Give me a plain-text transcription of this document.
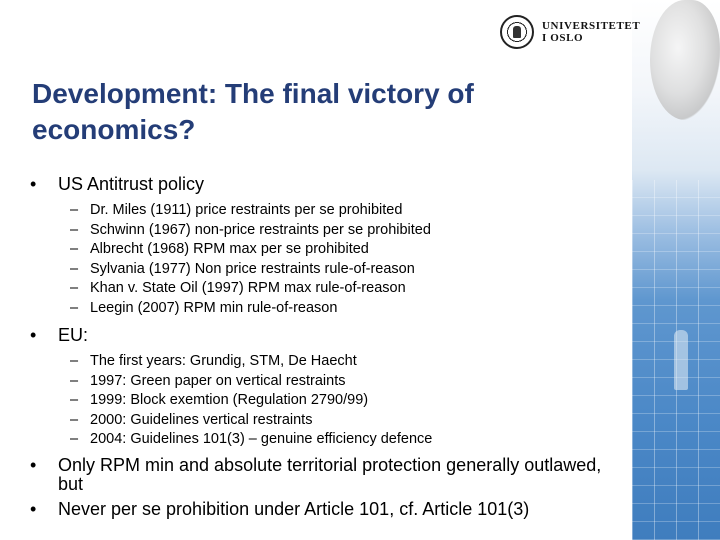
UNIVERSITETET
I OSLO
Development: The final victory of economics?

•	US Antitrust policy

– Dr. Miles (1911) price restraints per se prohibited
– Schwinn (1967) non-price restraints per se prohibited
– Albrecht (1968) RPM max per se prohibited
– Sylvania (1977) Non price restraints rule-of-reason
– Khan v. State Oil (1997) RPM max rule-of-reason
– Leegin (2007) RPM min rule-of-reason

•	EU:

– The first years: Grundig, STM, De Haecht
– 1997: Green paper on vertical restraints
– 1999: Block exemtion (Regulation 2790/99)
– 2000: Guidelines vertical restraints
– 2004: Guidelines 101(3) – genuine efficiency defence

•	Only RPM min and absolute territorial protection generally outlawed, but

•	Never per se prohibition under Article 101, cf. Article 101(3)
